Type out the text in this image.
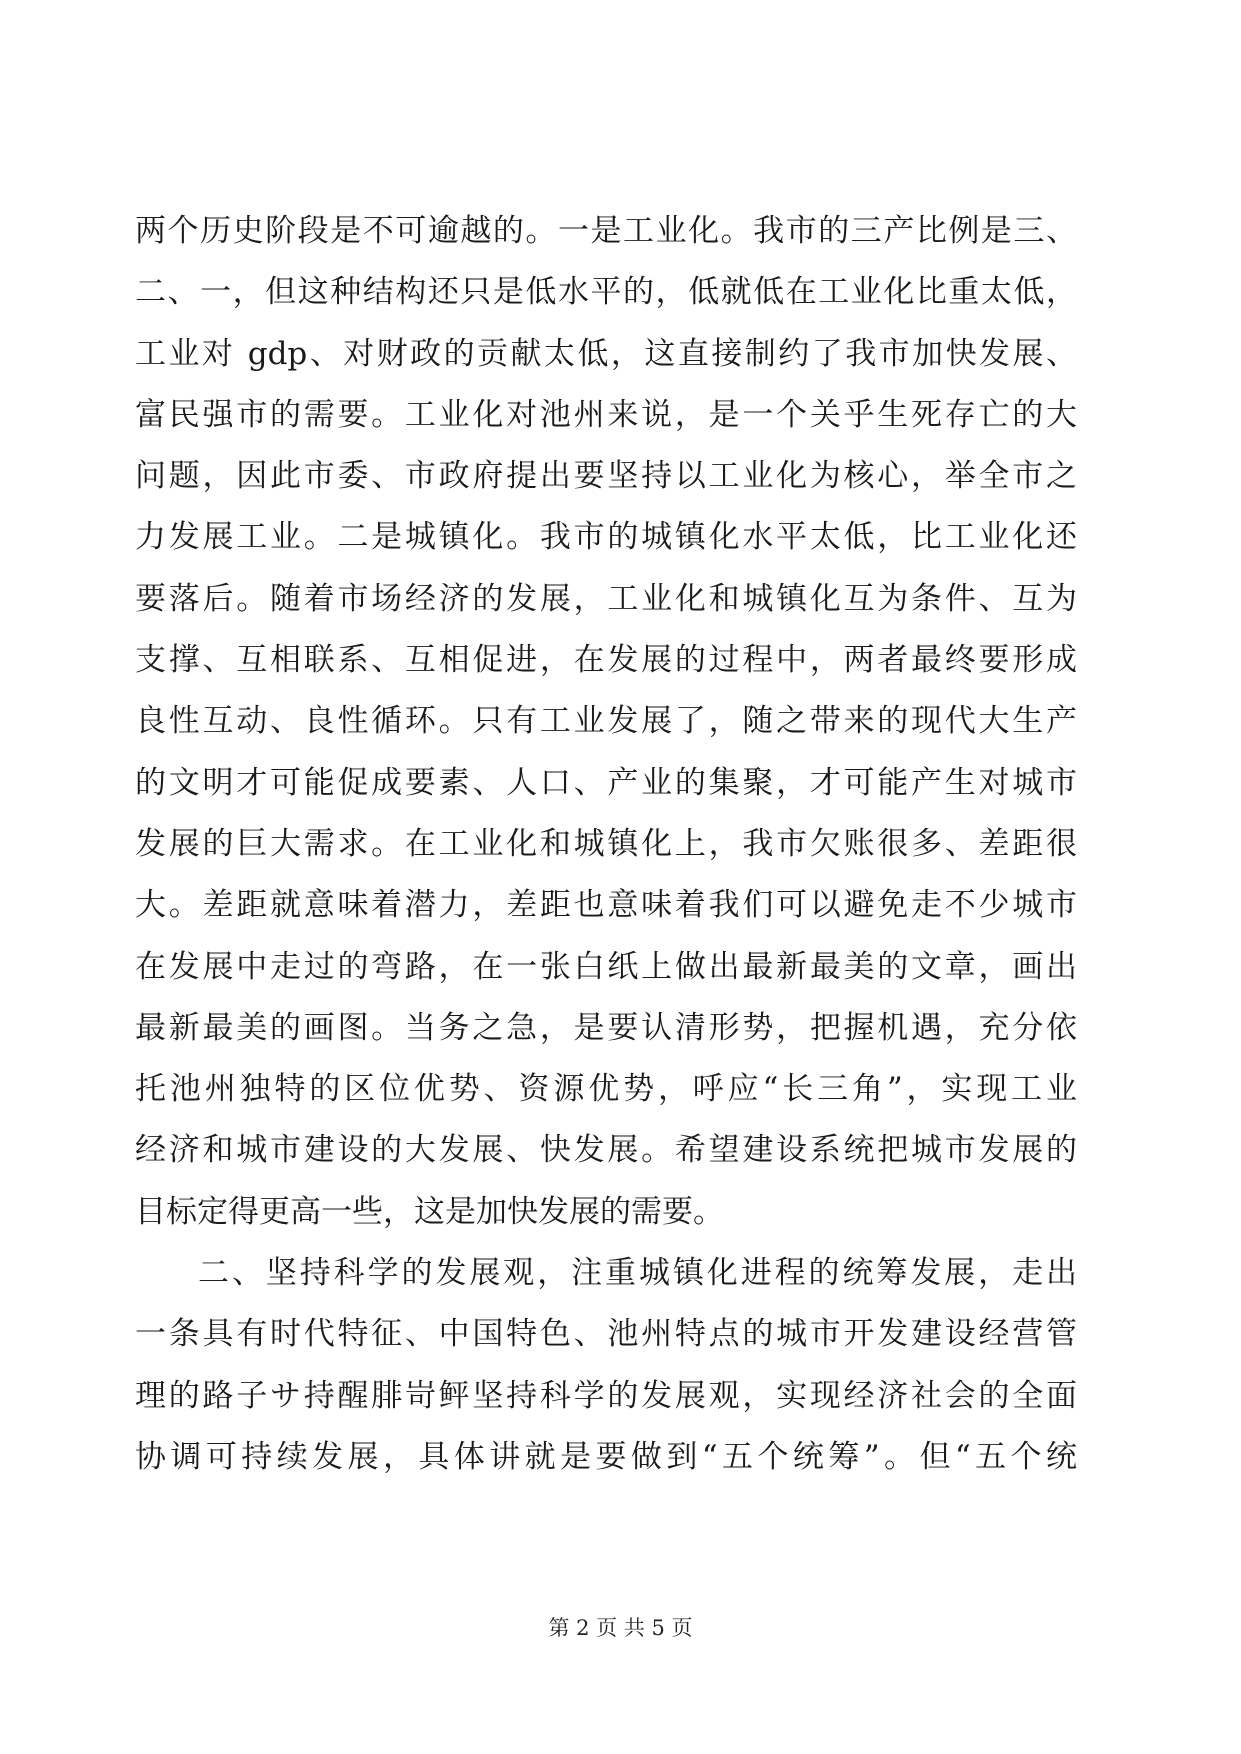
两个历史阶段是不可逾越的。一是工业化。我市的三产比例是三、
二、一，但这种结构还只是低水平的，低就低在工业化比重太低，
工业对 gdp、对财政的贡献太低，这直接制约了我市加快发展、
富民强市的需要。工业化对池州来说，是一个关乎生死存亡的大
问题，因此市委、市政府提出要坚持以工业化为核心，举全市之
力发展工业。二是城镇化。我市的城镇化水平太低，比工业化还
要落后。随着市场经济的发展，工业化和城镇化互为条件、互为
支撑、互相联系、互相促进，在发展的过程中，两者最终要形成
良性互动、良性循环。只有工业发展了，随之带来的现代大生产
的文明才可能促成要素、人口、产业的集聚，才可能产生对城市
发展的巨大需求。在工业化和城镇化上，我市欠账很多、差距很
大。差距就意味着潜力，差距也意味着我们可以避免走不少城市
在发展中走过的弯路，在一张白纸上做出最新最美的文章，画出
最新最美的画图。当务之急，是要认清形势，把握机遇，充分依
托池州独特的区位优势、资源优势，呼应“长三角”，实现工业
经济和城市建设的大发展、快发展。希望建设系统把城市发展的
目标定得更高一些，这是加快发展的需要。
二、坚持科学的发展观，注重城镇化进程的统筹发展，走出
一条具有时代特征、中国特色、池州特点的城市开发建设经营管
理的路子サ持醒腓岢鲆坚持科学的发展观，实现经济社会的全面
协调可持续发展，具体讲就是要做到“五个统筹”。但“五个统
第 2 页 共 5 页
